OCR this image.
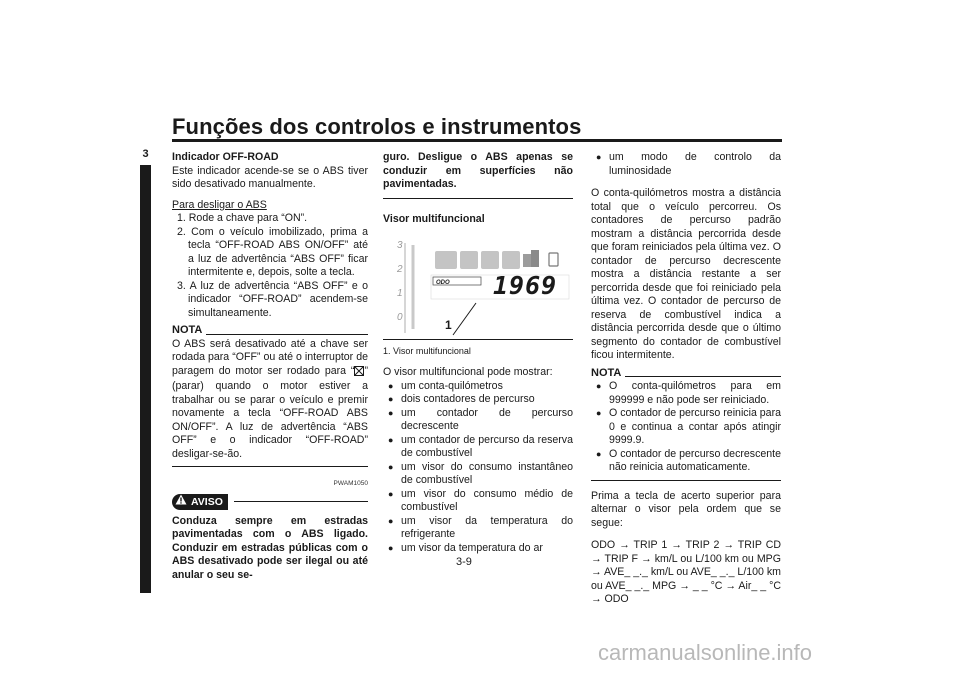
Funções dos controlos e instrumentos
3 Indicador OFF-ROAD

Este indicador acende-se se o ABS tiver sido desativado manualmente.

Para desligar o ABS

1. Rode a chave para “ON”.

2. Com o veículo imobilizado, prima a tecla “OFF-ROAD ABS ON/OFF” até a luz de advertência “ABS OFF” ficar intermitente e, depois, solte a tecla.

3. A luz de advertência “ABS OFF” e o indicador “OFF-ROAD” acendem-se simultaneamente.

NOTA

O ABS será desativado até a chave ser rodada para “OFF” ou até o interruptor de paragem do motor ser rodado para “ ” (parar) quando o motor estiver a trabalhar ou se parar o veículo e premir novamente a tecla “OFF-ROAD ABS ON/OFF”. A luz de advertência “ABS OFF” e o indicador “OFF-ROAD” desligar-se-ão.

PWAM1050
AVISO

Conduza sempre em estradas pavimentadas com o ABS ligado. Conduzir em estradas públicas com o ABS desativado pode ser ilegal ou até anular o seu se-

guro. Desligue o ABS apenas se conduzir em superfícies não pavimentadas.

Visor multifuncional

3
2
1
0
ODO 1969
1

1. Visor multifuncional

O visor multifuncional pode mostrar:

● um conta-quilómetros

● dois contadores de percurso

● um contador de percurso decrescente

● um contador de percurso da reserva de combustível

● um visor do consumo instantâneo de combustível

● um visor do consumo médio de combustível

● um visor da temperatura do refrigerante

● um visor da temperatura do ar

● um modo de controlo da luminosidade

O conta-quilómetros mostra a distância total que o veículo percorreu. Os contadores de percurso padrão mostram a distância percorrida desde que foram reiniciados pela última vez. O contador de percurso decrescente mostra a distância restante a ser percorrida desde que foi reiniciado pela última vez. O contador de percurso de reserva de combustível indica a distância percorrida desde que o último segmento do contador de combustível ficou intermitente.

NOTA

● O conta-quilómetros para em 999999 e não pode ser reiniciado.

● O contador de percurso reinicia para 0 e continua a contar após atingir 9999.9.

● O contador de percurso decrescente não reinicia automaticamente.

Prima a tecla de acerto superior para alternar o visor pela ordem que se segue:

ODO → TRIP 1 → TRIP 2 → TRIP CD → TRIP F → km/L ou L/100 km ou MPG → AVE_ _._ km/L ou AVE_ _._ L/100 km ou AVE_ _._ MPG → _ _ °C → Air_ _ °C → ODO

3-9
carmanualsonline.info
